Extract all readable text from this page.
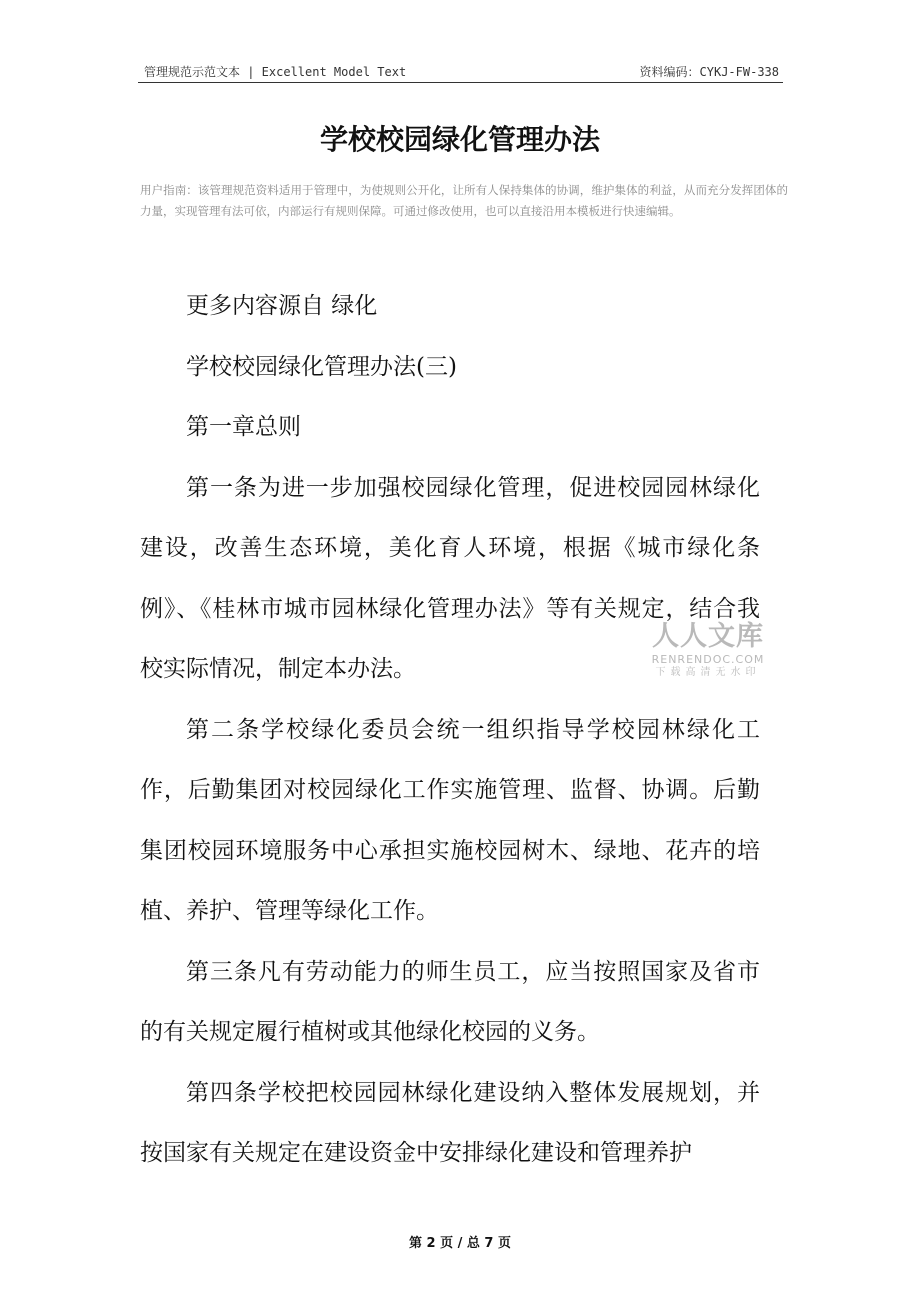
管理规范示范文本 | Excellent Model Text	资料编码：CYKJ-FW-338
学校校园绿化管理办法
用户指南：该管理规范资料适用于管理中，为使规则公开化，让所有人保持集体的协调，维护集体的利益，从而充分发挥团体的力量，实现管理有法可依，内部运行有规则保障。可通过修改使用，也可以直接沿用本模板进行快速编辑。

更多内容源自 绿化

学校校园绿化管理办法(三)

第一章总则

第一条为进一步加强校园绿化管理，促进校园园林绿化建设，改善生态环境，美化育人环境，根据《城市绿化条例》、《桂林市城市园林绿化管理办法》等有关规定，结合我校实际情况，制定本办法。

第二条学校绿化委员会统一组织指导学校园林绿化工作，后勤集团对校园绿化工作实施管理、监督、协调。后勤集团校园环境服务中心承担实施校园树木、绿地、花卉的培植、养护、管理等绿化工作。

第三条凡有劳动能力的师生员工，应当按照国家及省市的有关规定履行植树或其他绿化校园的义务。

第四条学校把校园园林绿化建设纳入整体发展规划，并按国家有关规定在建设资金中安排绿化建设和管理养护

人人文库
RENRENDOC.COM
下载高清无水印
第 2 页 / 总 7 页
